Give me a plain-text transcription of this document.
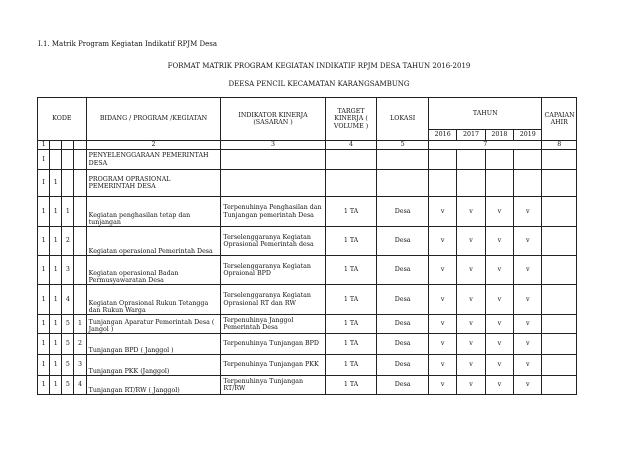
I.1. Matrik Program Kegiatan Indikatif RPJM Desa
FORMAT MATRIK PROGRAM KEGIATAN INDIKATIF RPJM DESA TAHUN 2016-2019
DEESA PENCIL KECAMATAN KARANGSAMBUNG
KODE				BIDANG / PROGRAM /KEGIATAN	INDIKATOR KINERJA (SASARAN )	TARGET KINERJA ( VOLUME )	LOKASI	TAHUN				CAPAIAN AHIR
								2016	2017	2018	2019	
1				2	3	4	5	7				8
I				PENYELENGGARAAN PEMERINTAH DESA								
I	1			PROGRAM OPRASIONAL PEMERINTAH DESA								
1	1	1		Kegiatan penghasilan tetap dan tunjangan	Terpenuhinya Penghasilan dan Tunjangan pemerintah Desa	1 TA	Desa	v	v	v	v	
1	1	2		Kegiatan operasional Pemerintah Desa	Terselenggaranya Kegiatan Oprasional Pemerintah desa	1 TA	Desa	v	v	v	v	
1	1	3		Kegiatan operasional Badan Permusyawaratan Desa	Terselenggaranya Kegiatan Opraional BPD	1 TA	Desa	v	v	v	v	
1	1	4		Kegiatan Oprasional Rukun Tetangga dan Rukun Warga	Terselenggaranya Kegiatan Oprasional RT dan RW	1 TA	Desa	v	v	v	v	
1	1	5	1	Tunjangan Aparatur Pemerintah Desa ( Jangol )	Terpenuhinya Janggol Pemerintah Desa	1 TA	Desa	v	v	v	v	
1	1	5	2	Tunjangan BPD ( Janggol )	Terpenuhinya Tunjangan BPD	1 TA	Desa	v	v	v	v	
1	1	5	3	Tunjangan PKK (Janggol)	Terpenuhinya Tunjangan PKK	1 TA	Desa	v	v	v	v	
1	1	5	4	Tunjangan RT/RW ( Janggol)	Terpenuhinya Tunjangan RT/RW	1 TA	Desa	v	v	v	v	
